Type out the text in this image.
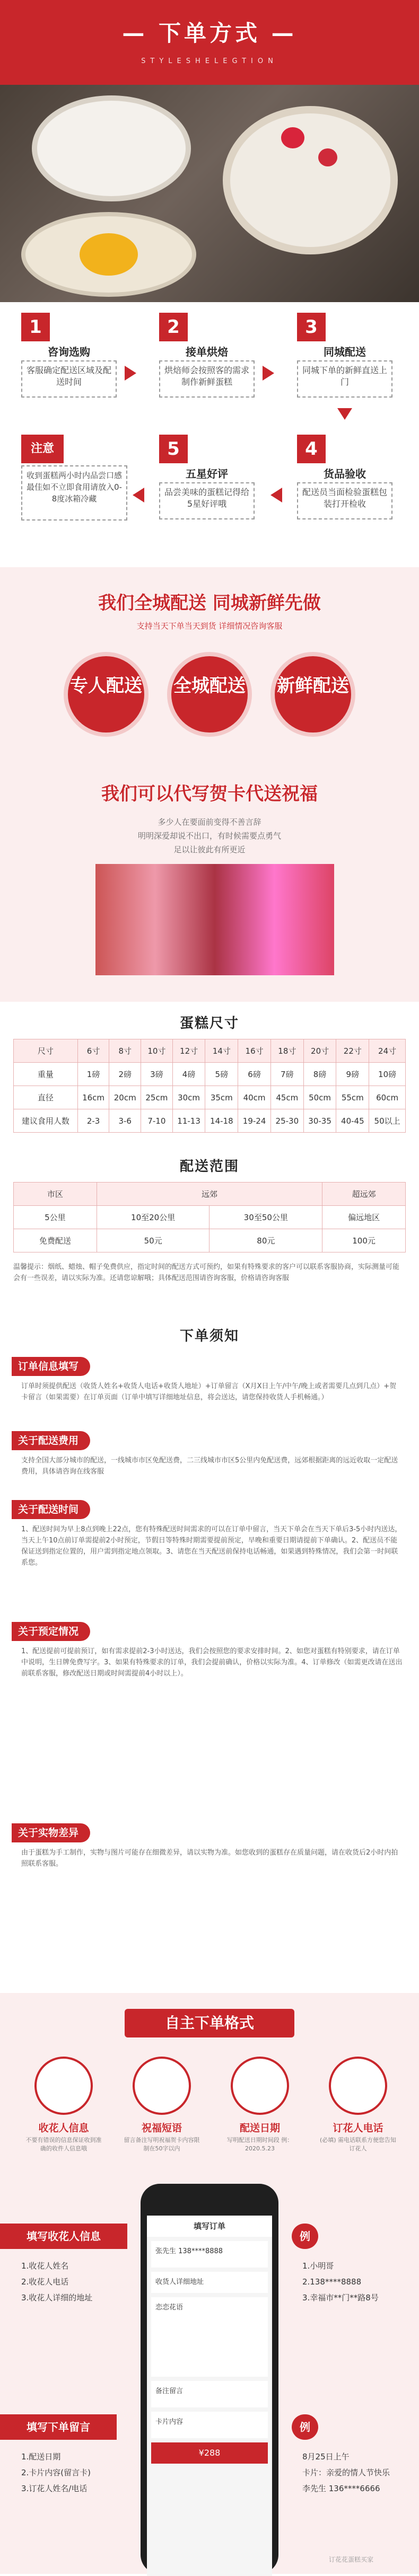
— 下单方式 —
STYLESHELEGTION
1
咨询选购
客服确定配送区域及配送时间
2
接单烘焙
烘焙师会按照客的需求制作新鲜蛋糕
3
同城配送
同城下单的新鲜直送上门
4
货品验收
配送员当面检验蛋糕包装打开检收
5
五星好评
品尝美味的蛋糕记得给5星好评哦
注意
收到蛋糕两小时内品尝口感最佳如不立即食用请放入0-8度冰箱冷藏
我们全城配送 同城新鲜先做
支持当天下单当天到货 详细情况咨询客服
专人配送	全城配送	新鲜配送
我们可以代写贺卡代送祝福
多少人在要面前变得不善言辞
明明深爱却说不出口，有时候需要点勇气
足以让彼此有所更近
蛋糕尺寸
尺寸	6寸	8寸	10寸	12寸	14寸	16寸	18寸	20寸	22寸	24寸
重量	1磅	2磅	3磅	4磅	5磅	6磅	7磅	8磅	9磅	10磅
直径	16cm	20cm	25cm	30cm	35cm	40cm	45cm	50cm	55cm	60cm
建议食用人数	2-3	3-6	7-10	11-13	14-18	19-24	25-30	30-35	40-45	50以上
配送范围
市区	远郊		超远郊
5公里	10至20公里	30至50公里	偏远地区
免费配送	50元	80元	100元
温馨提示：烟纸、蜡烛、帽子免费供应，指定时间的配送方式可预约，如果有特殊要求的客户可以联系客服协商，实际测量可能会有一些误差，请以实际为准。还请您谅解哦；具体配送范围请咨询客服，价格请咨询客服
下单须知
订单信息填写
订单时须提供配送（收货人姓名+收货人电话+收货人地址）+订单留言（X月X日上午/中午/晚上或者需要几点到几点）+贺卡留言（如果需要）在订单页面（订单中填写详细地址信息，将会送达，请您保持收货人手机畅通。）
关于配送费用
支持全国大部分城市的配送，一线城市市区免配送费，二三线城市市区5公里内免配送费，远郊根据距离的远近收取一定配送费用，具体请咨询在线客服
关于配送时间
1、配送时间为早上8点到晚上22点，您有特殊配送时间需求的可以在订单中留言，当天下单会在当天下单后3-5小时内送达，当天上午10点前订单需提前2小时预定，节假日等特殊时期需要提前预定，早晚和重要日期请提前下单确认。2、配送员不能保证送到指定位置的，用户需到指定地点领取。3、请您在当天配送前保持电话畅通，如果遇到特殊情况，我们会第一时间联系您。
关于预定情况
1、配送提前可提前预订，如有需求提前2-3小时送达，我们会按照您的要求安排时间。2、如您对蛋糕有特别要求，请在订单中说明，生日牌免费写字。3、如果有特殊要求的订单，我们会提前确认，价格以实际为准。4、订单修改（如需更改请在送出前联系客服，修改配送日期或时间需提前4小时以上）。
关于实物差异
由于蛋糕为手工制作，实物与图片可能存在细微差异，请以实物为准。如您收到的蛋糕存在质量问题，请在收货后2小时内拍照联系客服。
自主下单格式
收花人信息
不要有错误的信息保证收到准确的收件人信息哦
祝福短语
留言备注写明祝福贺卡内容限制在50字以内
配送日期
写明配送日期时间段 例：2020.5.23
订花人电话
(必填) 需电话联系方便您告知订花人
填写订单
张先生 138****8888
收货人详细地址
恋恋花语
备注留言
卡片内容
¥288
填写收花人信息	例
1.收花人姓名
2.收花人电话
3.收花人详细的地址
1.小明哥
2.138****8888
3.幸福市**门**路8号
填写下单留言	例
1.配送日期
2.卡片内容(留言卡)
3.订花人姓名/电话
8月25日上午
卡片：亲爱的情人节快乐
李先生 136****6666
订花花蛋糕买家
